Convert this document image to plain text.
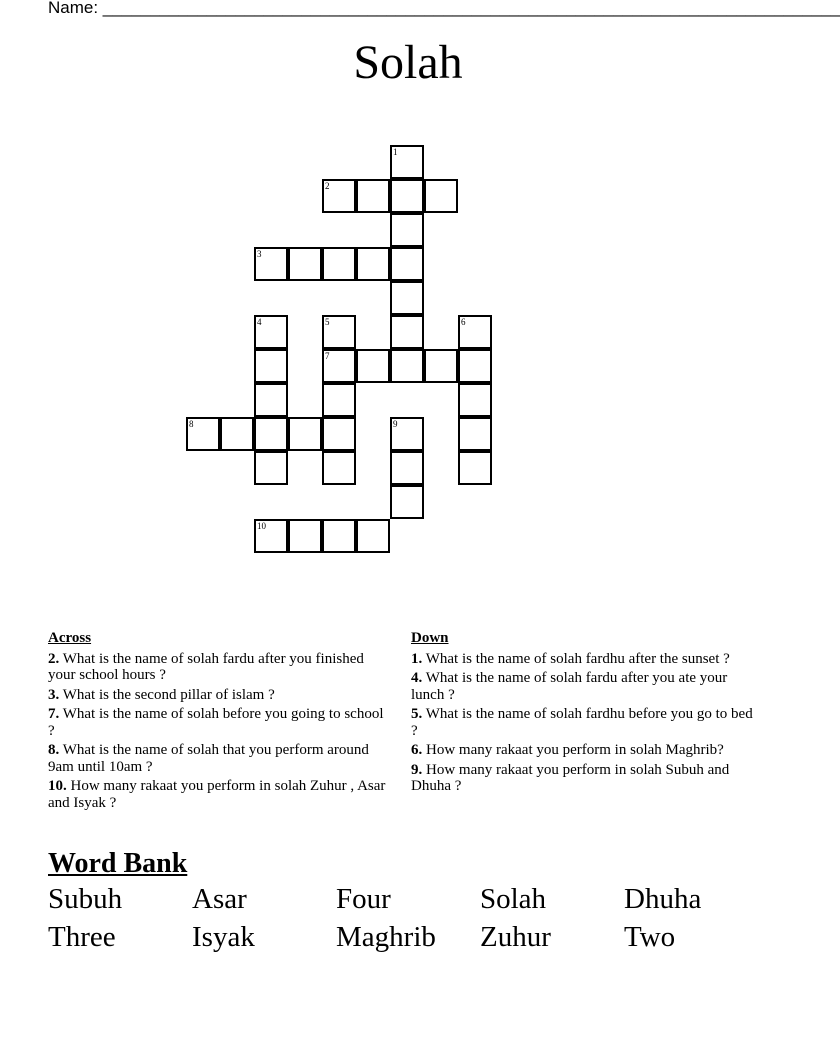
Name: ______________________________________________________________________________
Solah
1
2
3
4	5	6
7
8	9
10
Across
2. What is the name of solah fardu after you finished your school hours ?
3. What is the second pillar of islam ?
7. What is the name of solah before you going to school ?
8. What is the name of solah that you perform around 9am until 10am ?
10. How many rakaat you perform in solah Zuhur , Asar and Isyak ?
Down
1. What is the name of solah fardhu after the sunset ?
4. What is the name of solah fardu after you ate your lunch ?
5. What is the name of solah fardhu before you go to bed ?
6. How many rakaat you perform in solah Maghrib?
9. How many rakaat you perform in solah Subuh and Dhuha ?
Word Bank
Subuh	Asar	Four	Solah	Dhuha
Three	Isyak	Maghrib	Zuhur	Two
